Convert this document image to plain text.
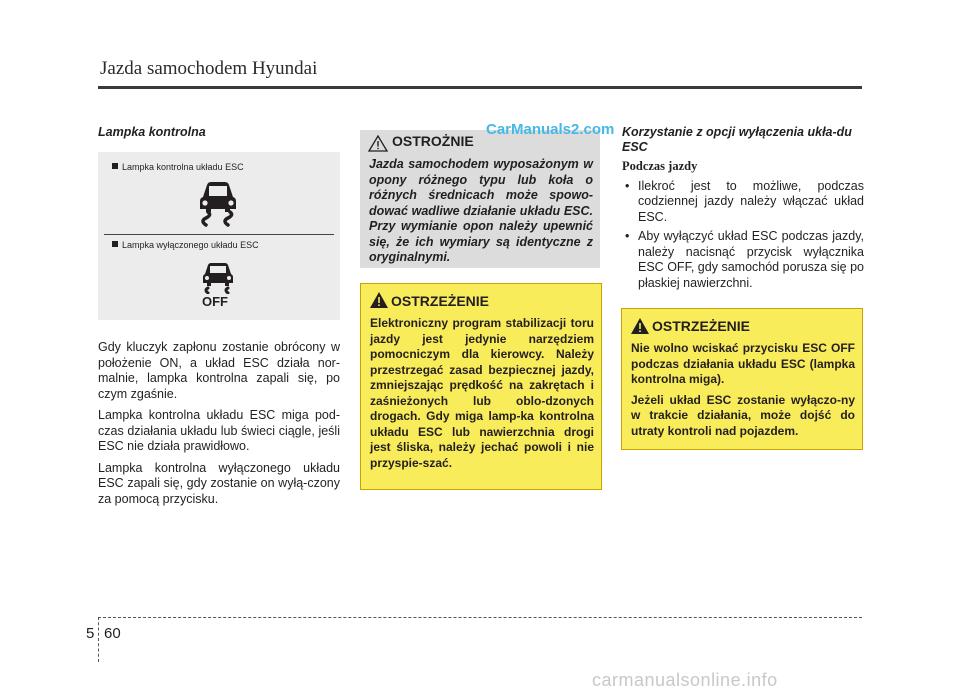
Jazda samochodem Hyundai
Lampka kontrolna
Lampka kontrolna układu ESC
Lampka wyłączonego układu ESC
OFF

Gdy kluczyk zapłonu zostanie obrócony w położenie ON, a układ ESC działa nor-malnie, lampka kontrolna zapali się, po czym zgaśnie.

Lampka kontrolna układu ESC miga pod-czas działania układu lub świeci ciągle, jeśli ESC nie działa prawidłowo.

Lampka kontrolna wyłączonego układu ESC zapali się, gdy zostanie on wyłą-czony za pomocą przycisku.

OSTROŻNIE
Jazda samochodem wyposażonym w opony różnego typu lub koła o różnych średnicach może spowo-dować wadliwe działanie układu ESC. Przy wymianie opon należy upewnić się, że ich wymiary są identyczne z oryginalnymi.
CarManuals2.com
OSTRZEŻENIE
Elektroniczny program stabilizacji toru jazdy jest jedynie narzędziem pomocniczym dla kierowcy. Należy przestrzegać zasad bezpiecznej jazdy, zmniejszając prędkość na zakrętach i zaśnieżonych lub oblo-dzonych drogach. Gdy miga lamp-ka kontrolna układu ESC lub nawierzchnia drogi jest śliska, należy jechać powoli i nie przyspie-szać.
Korzystanie z opcji wyłączenia ukła-du ESC
Podczas jazdy

• Ilekroć jest to możliwe, podczas codziennej jazdy należy włączać układ ESC.

• Aby wyłączyć układ ESC podczas jazdy, należy nacisnąć przycisk wyłącznika ESC OFF, gdy samochód porusza się po płaskiej nawierzchni.

OSTRZEŻENIE
Nie wolno wciskać przycisku ESC OFF podczas działania układu ESC (lampka kontrolna miga).
Jeżeli układ ESC zostanie wyłączo-ny w trakcie działania, może dojść do utraty kontroli nad pojazdem.
5 60
carmanualsonline.info
